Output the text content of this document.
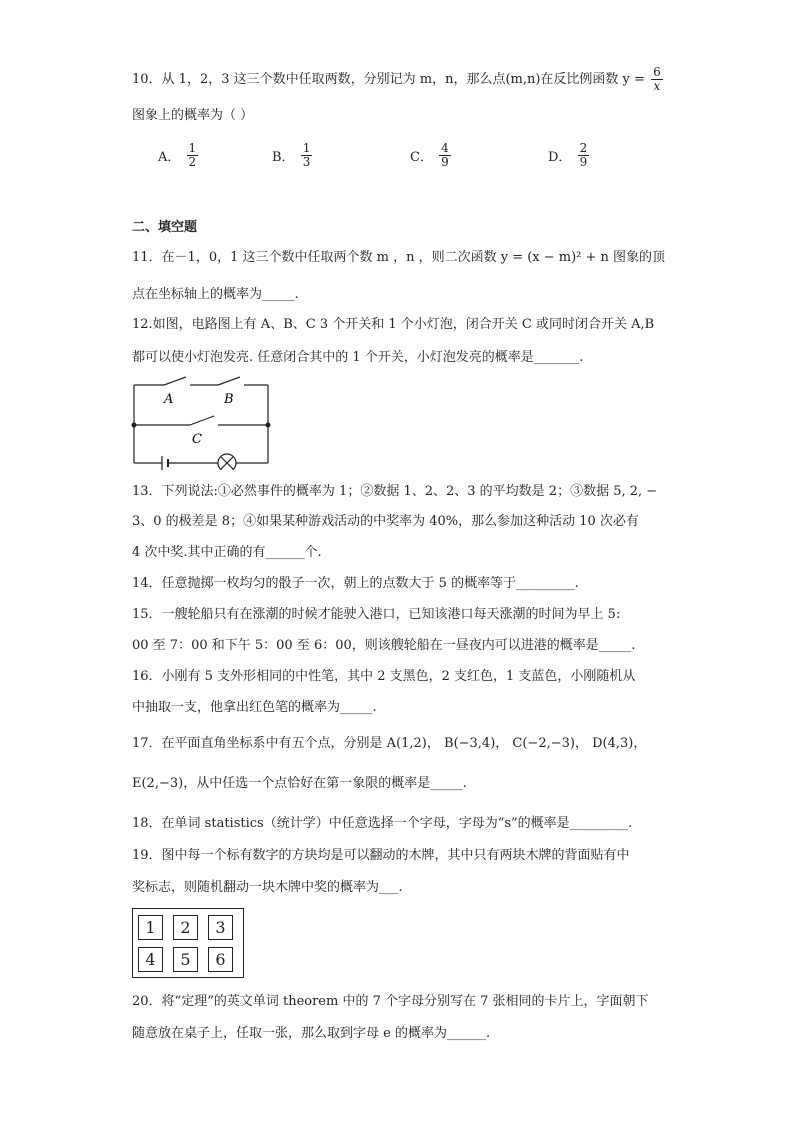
10．从 1，2，3 这三个数中任取两数，分别记为 m，n，那么点(m,n)在反比例函数 $y = \frac{6}{x}$
图象上的概率为（ ）
A． $\frac{1}{2}$	B． $\frac{1}{3}$	C． $\frac{4}{9}$	D． $\frac{2}{9}$
二、填空题
11．在－1，0，1 这三个数中任取两个数 m ，n ，则二次函数 y = (x − m)² + n 图象的顶
点在坐标轴上的概率为_____.
12.如图，电路图上有 A、B、C 3 个开关和 1 个小灯泡，闭合开关 C 或同时闭合开关 A,B
都可以使小灯泡发亮. 任意闭合其中的 1 个开关，小灯泡发亮的概率是_______.
A	B
C
13．下列说法:①必然事件的概率为 1；②数据 1、2、2、3 的平均数是 2；③数据 5, 2, −
3、0 的极差是 8；④如果某种游戏活动的中奖率为 40%，那么参加这种活动 10 次必有
4 次中奖.其中正确的有______个.
14．任意抛掷一枚均匀的骰子一次，朝上的点数大于 5 的概率等于_________.
15．一艘轮船只有在涨潮的时候才能驶入港口，已知该港口每天涨潮的时间为早上 5:
00 至 7：00 和下午 5：00 至 6：00，则该艘轮船在一昼夜内可以进港的概率是_____.
16．小刚有 5 支外形相同的中性笔，其中 2 支黑色，2 支红色，1 支蓝色，小刚随机从
中抽取一支，他拿出红色笔的概率为_____.
17．在平面直角坐标系中有五个点，分别是 A(1,2)， B(−3,4)， C(−2,−3)， D(4,3)，
E(2,−3)，从中任选一个点恰好在第一象限的概率是_____.
18．在单词 statistics（统计学）中任意选择一个字母，字母为“s”的概率是_________.
19．图中每一个标有数字的方块均是可以翻动的木牌，其中只有两块木牌的背面贴有中
奖标志，则随机翻动一块木牌中奖的概率为___.
1	2	3
4	5	6
20．将“定理”的英文单词 theorem 中的 7 个字母分别写在 7 张相同的卡片上，字面朝下
随意放在桌子上，任取一张，那么取到字母 e 的概率为______.
